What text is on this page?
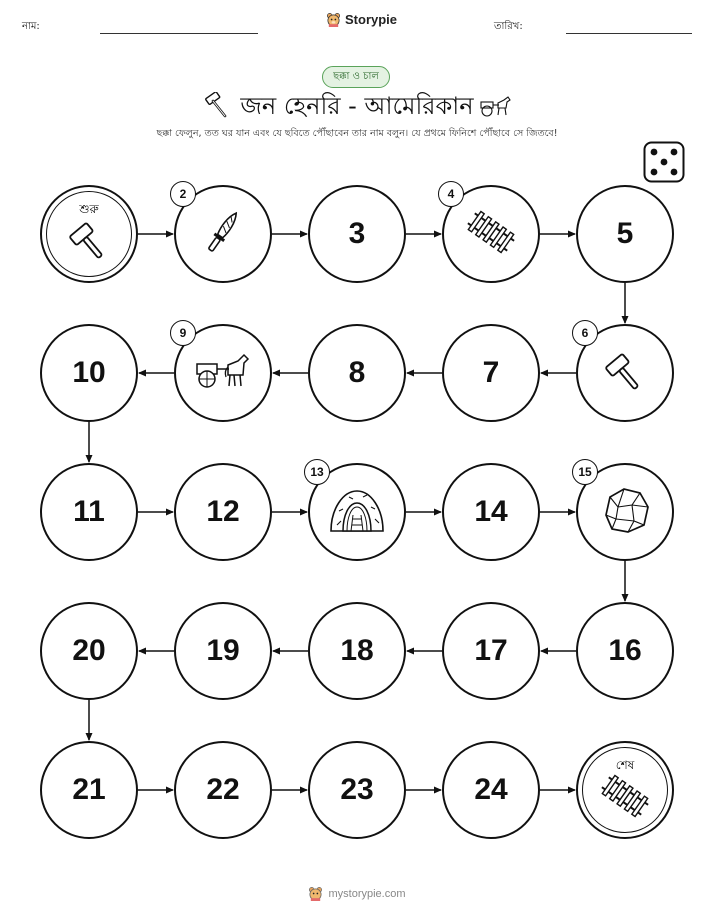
নাম:	Storypie	তারিখ:
ছক্কা ও চাল
জন হেনরি - আমেরিকান
ছক্কা ফেলুন, তত ঘর যান এবং যে ছবিতে পৌঁছাবেন তার নাম বলুন। যে প্রথমে ফিনিশে পৌঁছাবে সে জিতবে!
শুরু
2
3
4
5
6
7
8
9
10
11	12
13
14
15
16
17
18
19
20
21	22	23	24
শেষ
mystorypie.com
